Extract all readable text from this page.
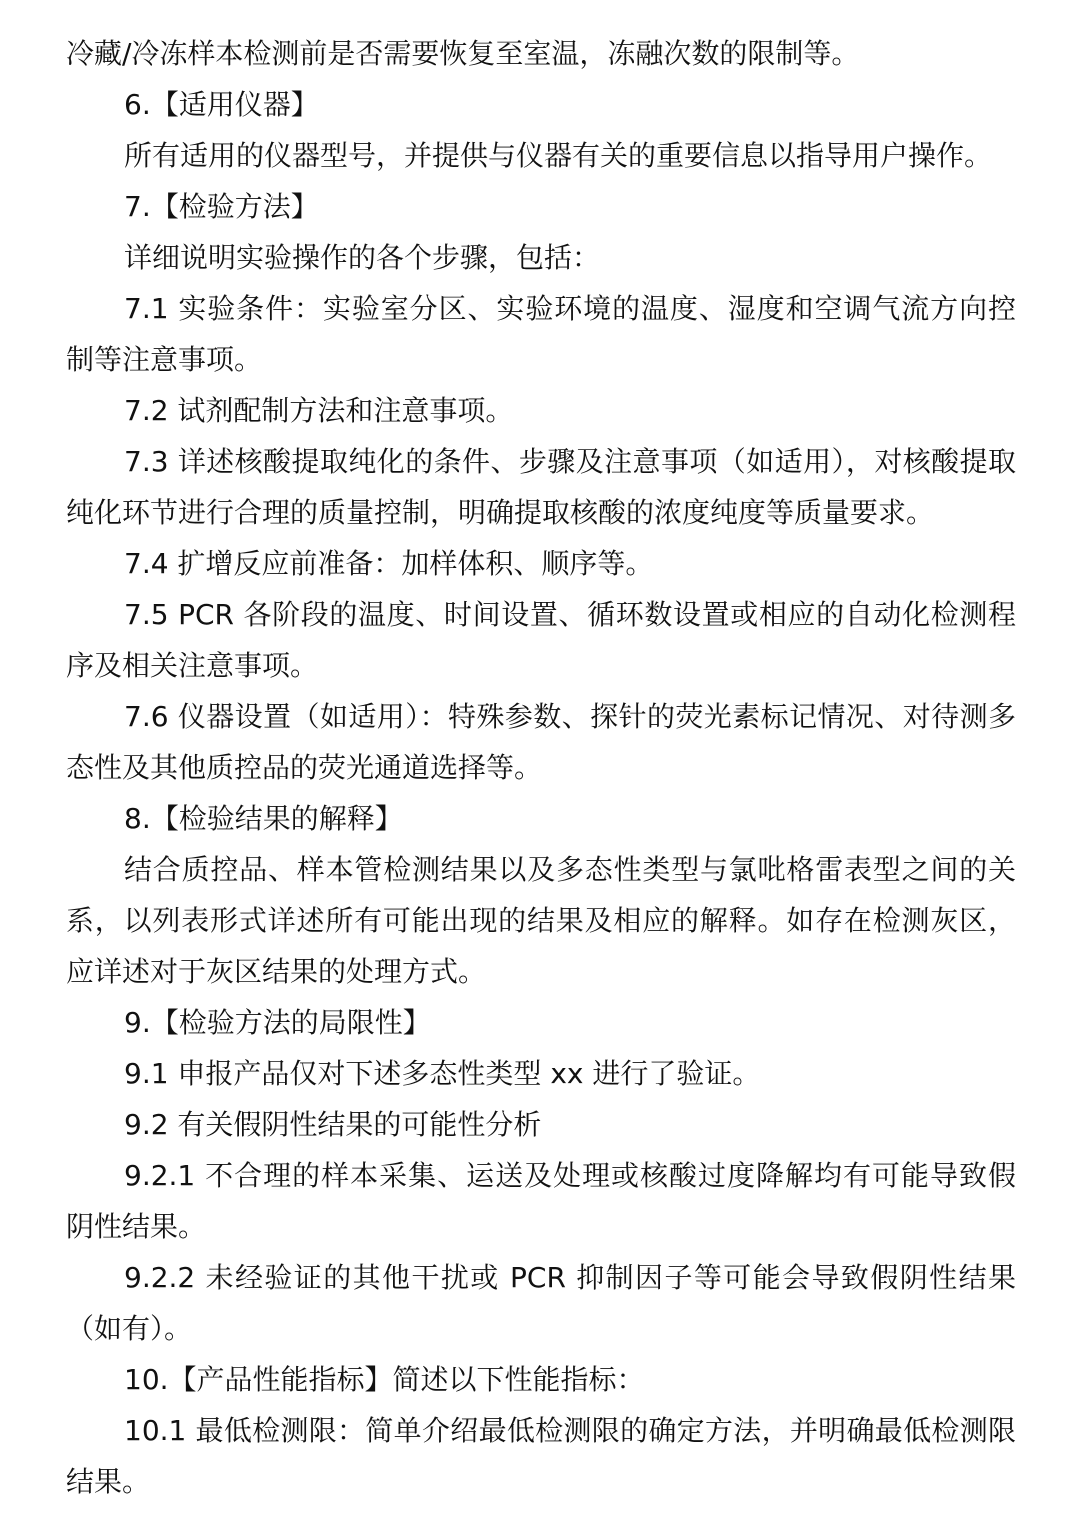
冷藏/冷冻样本检测前是否需要恢复至室温，冻融次数的限制等。

6.【适用仪器】

所有适用的仪器型号，并提供与仪器有关的重要信息以指导用户操作。

7.【检验方法】

详细说明实验操作的各个步骤，包括：

7.1 实验条件：实验室分区、实验环境的温度、湿度和空调气流方向控制等注意事项。

7.2 试剂配制方法和注意事项。

7.3 详述核酸提取纯化的条件、步骤及注意事项（如适用），对核酸提取纯化环节进行合理的质量控制，明确提取核酸的浓度纯度等质量要求。

7.4 扩增反应前准备：加样体积、顺序等。

7.5 PCR 各阶段的温度、时间设置、循环数设置或相应的自动化检测程序及相关注意事项。

7.6 仪器设置（如适用）：特殊参数、探针的荧光素标记情况、对待测多态性及其他质控品的荧光通道选择等。

8.【检验结果的解释】

结合质控品、样本管检测结果以及多态性类型与氯吡格雷表型之间的关系，以列表形式详述所有可能出现的结果及相应的解释。如存在检测灰区，应详述对于灰区结果的处理方式。

9.【检验方法的局限性】

9.1 申报产品仅对下述多态性类型 xx 进行了验证。

9.2 有关假阴性结果的可能性分析

9.2.1 不合理的样本采集、运送及处理或核酸过度降解均有可能导致假阴性结果。

9.2.2 未经验证的其他干扰或 PCR 抑制因子等可能会导致假阴性结果（如有）。

10.【产品性能指标】简述以下性能指标：

10.1 最低检测限：简单介绍最低检测限的确定方法，并明确最低检测限结果。
